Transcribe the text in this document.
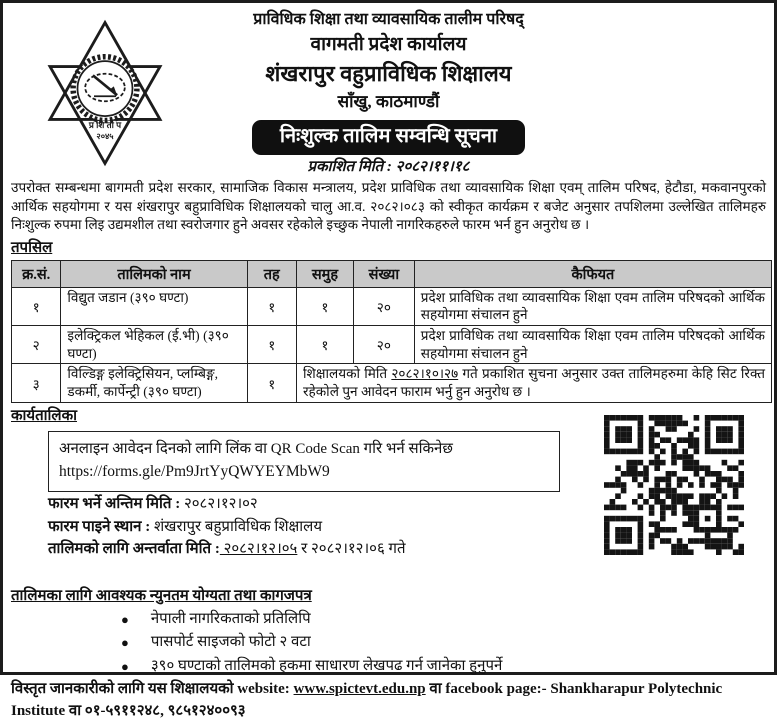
प्र शि ता प
२०४५
प्राविधिक शिक्षा तथा व्यावसायिक तालीम परिषद्
वागमती प्रदेश कार्यालय
शंखरापुर वहुप्राविधिक शिक्षालय
साँखु, काठमाण्डौं
निःशुल्क तालिम सम्वन्धि सूचना
प्रकाशित मिति : २०८२।११।१८

उपरोक्त सम्बन्धमा बागमती प्रदेश सरकार, सामाजिक विकास मन्त्रालय, प्रदेश प्राविधिक तथा व्यावसायिक शिक्षा एवम् तालिम परिषद, हेटौडा, मकवानपुरको आर्थिक सहयोगमा र यस शंखरापुर बहुप्राविधिक शिक्षालयको चालु आ.व. २०८२।०८३ को स्वीकृत कार्यक्रम र बजेट अनुसार तपशिलमा उल्लेखित तालिमहरु निःशुल्क रुपमा लिइ उद्यमशील तथा स्वरोजगार हुने अवसर रहेकोले इच्छुक नेपाली नागरिकहरुले फारम भर्न हुन अनुरोध छ ।

तपसिल

क्र.सं.	तालिमको नाम	तह	समुह	संख्या	कैफियत
१	विद्युत जडान (३९० घण्टा)	१	१	२०	प्रदेश प्राविधिक तथा व्यावसायिक शिक्षा एवम तालिम परिषदको आर्थिक सहयोगमा संचालन हुने
२	इलेक्ट्रिकल भेहिकल (ई.भी) (३९० घण्टा)	१	१	२०	प्रदेश प्राविधिक तथा व्यावसायिक शिक्षा एवम तालिम परिषदको आर्थिक सहयोगमा संचालन हुने
३	विल्डिङ्ग इलेक्ट्रिसियन, प्लम्बिङ्ग, डकर्मी, कार्पेन्ट्री (३९० घण्टा)	१	शिक्षालयको मिति २०८२।१०।२७ गते प्रकाशित सुचना अनुसार उक्त तालिमहरुमा केहि सिट रिक्त रहेकोले पुन आवेदन फाराम भर्नु हुन अनुरोध छ ।		

कार्यतालिका

अनलाइन आवेदन दिनको लागि लिंक वा QR Code Scan गरि भर्न सकिनेछ
https://forms.gle/Pm9JrtYyQWYEYMbW9
फारम भर्ने अन्तिम मिति : २०८२।१२।०२
फारम पाइने स्थान : शंखरापुर बहुप्राविधिक शिक्षालय
तालिमको लागि अन्तर्वाता मिति : २०८२।१२।०५ र २०८२।१२।०६ गते

तालिमका लागि आवश्यक न्युनतम योग्यता तथा कागजपत्र

● नेपाली नागरिकताको प्रतिलिपि
● पासपोर्ट साइजको फोटो २ वटा
● ३९० घण्टाको तालिमको हकमा साधारण लेखपढ गर्न जानेका हुनुपर्ने

विस्तृत जानकारीको लागि यस शिक्षालयको website: www.spictevt.edu.np वा facebook page:- Shankharapur Polytechnic Institute वा ०१-५९११२४८, ९८५१२४००९३
